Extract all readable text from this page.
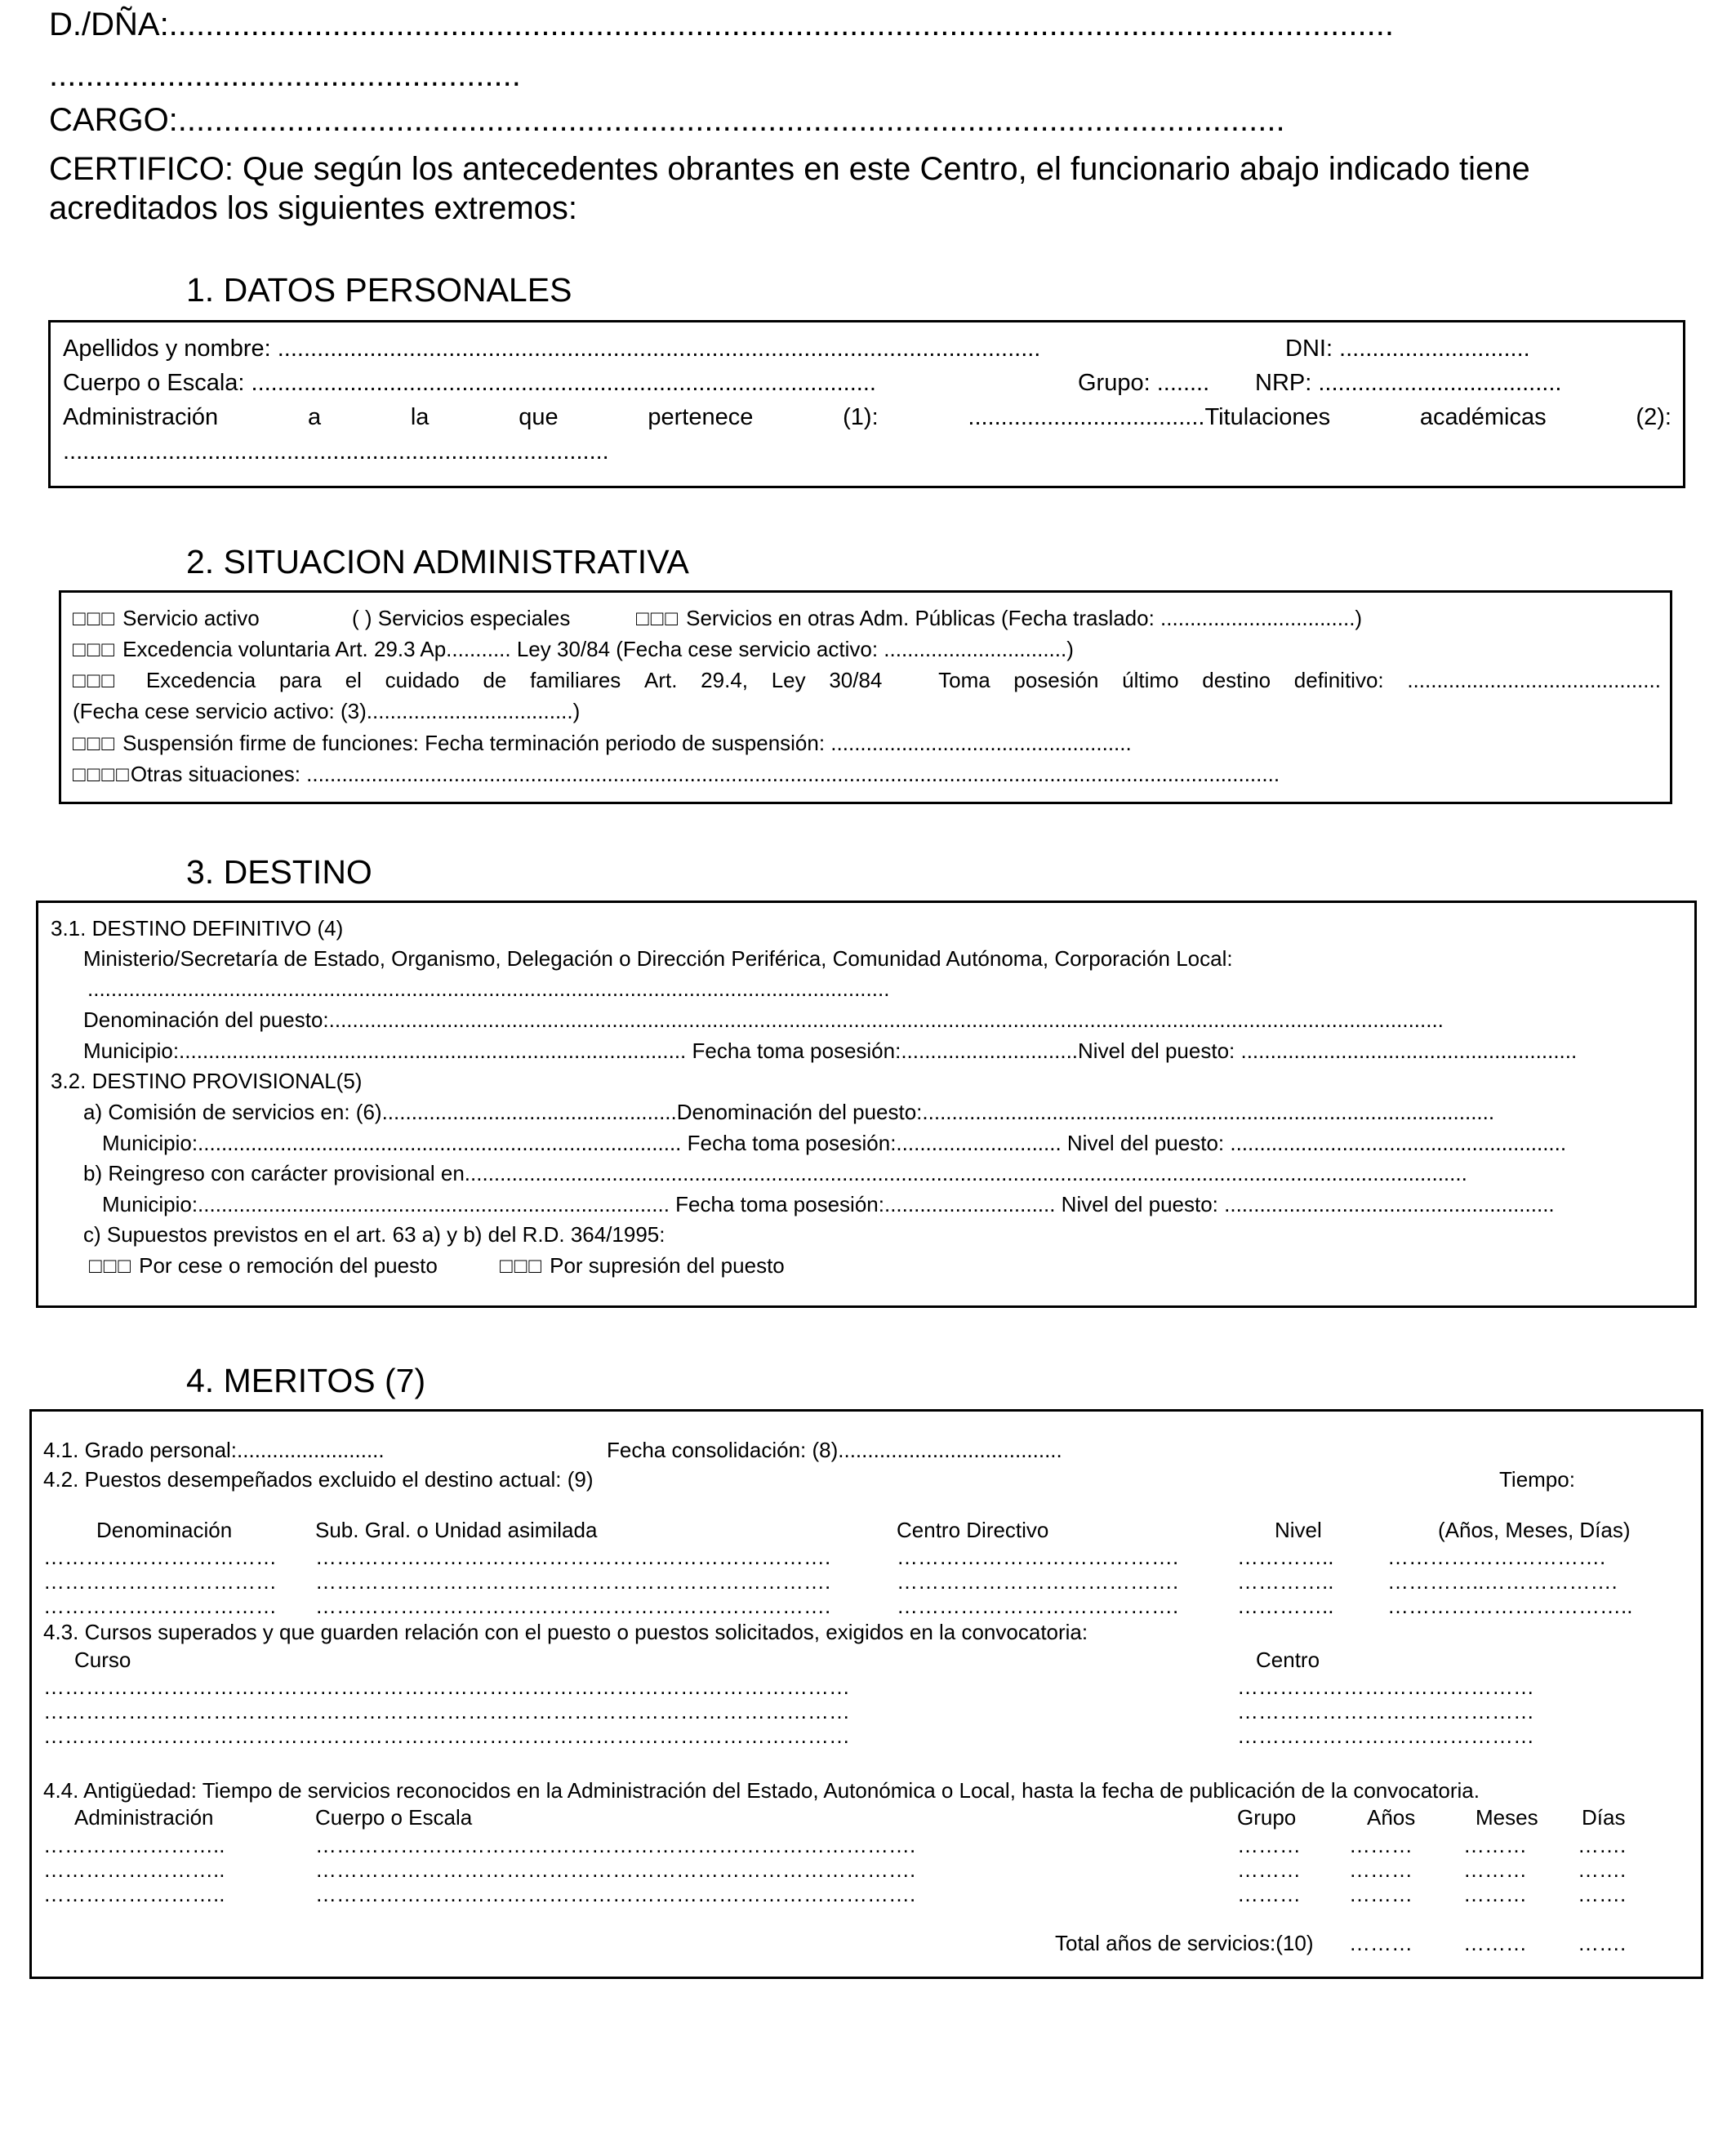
D./DÑA:.......................................................................................................................................
....................................................
CARGO:..........................................................................................................................
CERTIFICO: Que según los antecedentes obrantes en este Centro, el funcionario abajo indicado tiene
acreditados los siguientes extremos:
1. DATOS PERSONALES
Apellidos y nombre: ....................................................................................................................	DNI: .............................
Cuerpo o Escala: ...............................................................................................	Grupo: ........ NRP: .....................................
Administración	a	la	que	pertenece	(1):	....................................Titulaciones	académicas	(2):
...................................................................................
2. SITUACION ADMINISTRATIVA
□□□ Servicio activo	( ) Servicios especiales	□□□ Servicios en otras Adm. Públicas (Fecha traslado: .................................)
□□□ Excedencia voluntaria Art. 29.3 Ap........... Ley 30/84 (Fecha cese servicio activo: ...............................)
□□□
Excedencia para el cuidado de familiares Art. 29.4, Ley 30/84	Toma posesión último destino definitivo: ...........................................
(Fecha cese servicio activo: (3)...................................)
□□□ Suspensión firme de funciones: Fecha terminación periodo de suspensión: ...................................................
□□□□ Otras situaciones: .....................................................................................................................................................................
3. DESTINO
3.1. DESTINO DEFINITIVO (4)
Ministerio/Secretaría de Estado, Organismo, Delegación o Dirección Periférica, Comunidad Autónoma, Corporación Local:
........................................................................................................................................
Denominación del puesto:.............................................................................................................................................................................................
Municipio:...................................................................................... Fecha toma posesión:..............................Nivel del puesto: .........................................................
3.2. DESTINO PROVISIONAL(5)
a) Comisión de servicios en: (6)..................................................Denominación del puesto:.................................................................................................
Municipio:.................................................................................. Fecha toma posesión:............................ Nivel del puesto: .........................................................
b) Reingreso con carácter provisional en..........................................................................................................................................................................
Municipio:................................................................................ Fecha toma posesión:............................. Nivel del puesto: ........................................................
c) Supuestos previstos en el art. 63 a) y b) del R.D. 364/1995:
□□□ Por cese o remoción del puesto	□□□ Por supresión del puesto
4. MERITOS (7)
4.1. Grado personal:.........................	Fecha consolidación: (8)......................................
4.2. Puestos desempeñados excluido el destino actual: (9)	Tiempo:
Denominación	Sub. Gral. o Unidad asimilada	Centro Directivo	Nivel	(Años, Meses, Días)
…………………………… ……………………………………………………………….	………………………………….	…………..	………………………….
…………………………… ……………………………………………………………….	………………………………….	…………..	…………..……………….
…………………………… ……………………………………………………………….	………………………………….	…………..	……………………………..
4.3. Cursos superados y que guarden relación con el puesto o puestos solicitados, exigidos en la convocatoria:
Curso	Centro
……………………………………………………………………………………………………	……………………………………
……………………………………………………………………………………………………	……………………………………
……………………………………………………………………………………………………	……………………………………
4.4. Antigüedad: Tiempo de servicios reconocidos en la Administración del Estado, Autonómica o Local, hasta la fecha de publicación de la convocatoria.
Administración	Cuerpo o Escala	Grupo	Años	Meses Días
……………………..	………………………………………………………………………….	……… ……… ……… …….
……………………..	………………………………………………………………………….	……… ……… ……… …….
……………………..	………………………………………………………………………….	……… ……… ……… …….
Total años de servicios:(10) ……… ……… …….
